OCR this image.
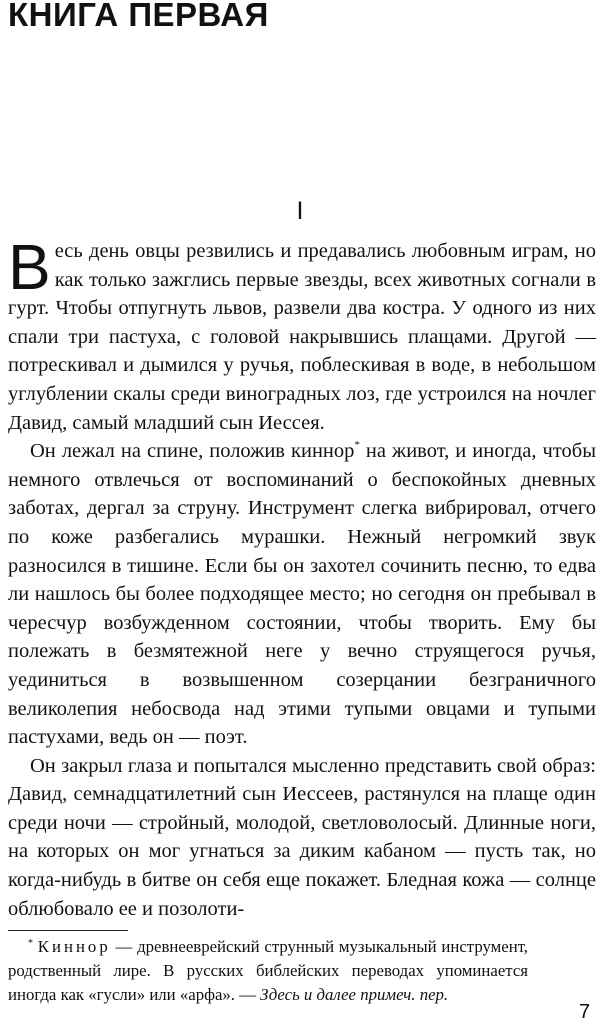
КНИГА ПЕРВАЯ
I

Весь день овцы резвились и предавались любовным играм, но как только зажглись первые звезды, всех животных согнали в гурт. Чтобы отпугнуть львов, развели два костра. У одного из них спали три пастуха, с головой накрывшись плащами. Другой — потрескивал и дымился у ручья, поблескивая в воде, в небольшом углублении скалы среди виноградных лоз, где устроился на ночлег Давид, самый младший сын Иессея.

Он лежал на спине, положив киннор* на живот, и иногда, чтобы немного отвлечься от воспоминаний о беспокойных дневных заботах, дергал за струну. Инструмент слегка вибрировал, отчего по коже разбегались мурашки. Нежный негромкий звук разносился в тишине. Если бы он захотел сочинить песню, то едва ли нашлось бы более подходящее место; но сегодня он пребывал в чересчур возбужденном состоянии, чтобы творить. Ему бы полежать в безмятежной неге у вечно струящегося ручья, уединиться в возвышенном созерцании безграничного великолепия небосвода над этими тупыми овцами и тупыми пастухами, ведь он — поэт.

Он закрыл глаза и попытался мысленно представить свой образ: Давид, семнадцатилетний сын Иессеев, растянулся на плаще один среди ночи — стройный, молодой, светловолосый. Длинные ноги, на которых он мог угнаться за диким кабаном — пусть так, но когда-нибудь в битве он себя еще покажет. Бледная кожа — солнце облюбовало ее и позолоти-

* Киннор — древнееврейский струнный музыкальный инструмент, родственный лире. В русских библейских переводах упоминается иногда как «гусли» или «арфа». — Здесь и далее примеч. пер.
7
